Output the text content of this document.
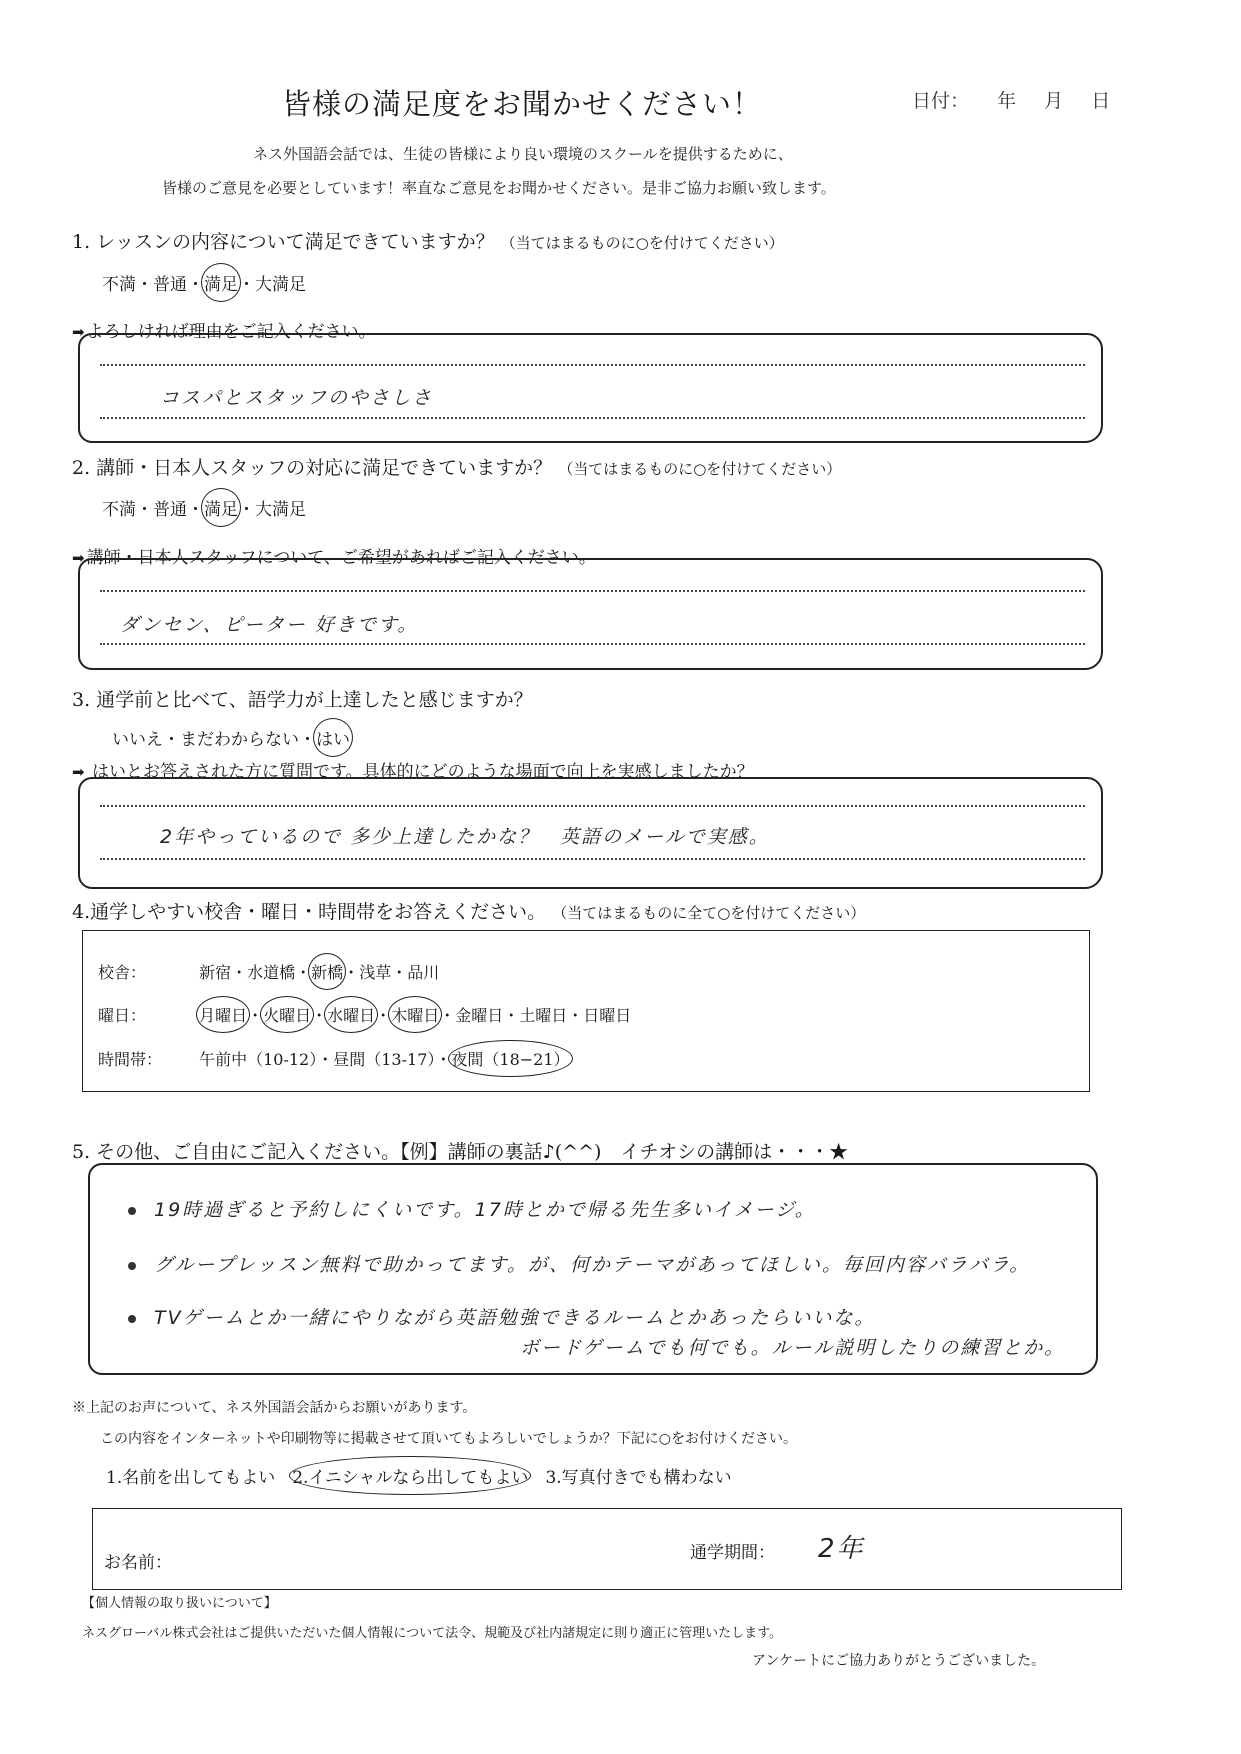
皆様の満足度をお聞かせください！	日付： 年 月 日
ネス外国語会話では、生徒の皆様により良い環境のスクールを提供するために、
皆様のご意見を必要としています！率直なご意見をお聞かせください。是非ご協力お願い致します。
1. レッスンの内容について満足できていますか？ （当てはまるものに○を付けてください）
不満・普通・満足・大満足
➡ よろしければ理由をご記入ください。
コスパとスタッフのやさしさ
2. 講師・日本人スタッフの対応に満足できていますか？ （当てはまるものに○を付けてください）
不満・普通・満足・大満足
➡ 講師・日本人スタッフについて、ご希望があればご記入ください。
ダンセン、ピーター 好きです。
3. 通学前と比べて、語学力が上達したと感じますか？
いいえ・まだわからない・はい
➡ はいとお答えされた方に質問です。具体的にどのような場面で向上を実感しましたか？
2年やっているので 多少上達したかな？　英語のメールで実感。
4.通学しやすい校舎・曜日・時間帯をお答えください。 （当てはまるものに全て○を付けてください）
校舎：	新宿・水道橋・新橋・浅草・品川
曜日：	月曜日・火曜日・水曜日・木曜日・金曜日・土曜日・日曜日
時間帯： 午前中（10-12）・昼間（13-17）・夜間（18−21）
5. その他、ご自由にご記入ください。【例】講師の裏話♪(^^)　イチオシの講師は・・・★
19時過ぎると予約しにくいです。17時とかで帰る先生多いイメージ。
グループレッスン無料で助かってます。が、何かテーマがあってほしい。毎回内容バラバラ。
TVゲームとか一緒にやりながら英語勉強できるルームとかあったらいいな。
ボードゲームでも何でも。ルール説明したりの練習とか。
※上記のお声について、ネス外国語会話からお願いがあります。
この内容をインターネットや印刷物等に掲載させて頂いてもよろしいでしょうか？下記に○をお付けください。
1.名前を出してもよい　 2.イニシャルなら出してもよい　 3.写真付きでも構わない
お名前：	通学期間： 2年
【個人情報の取り扱いについて】
ネスグローバル株式会社はご提供いただいた個人情報について法令、規範及び社内諸規定に則り適正に管理いたします。
アンケートにご協力ありがとうございました。
